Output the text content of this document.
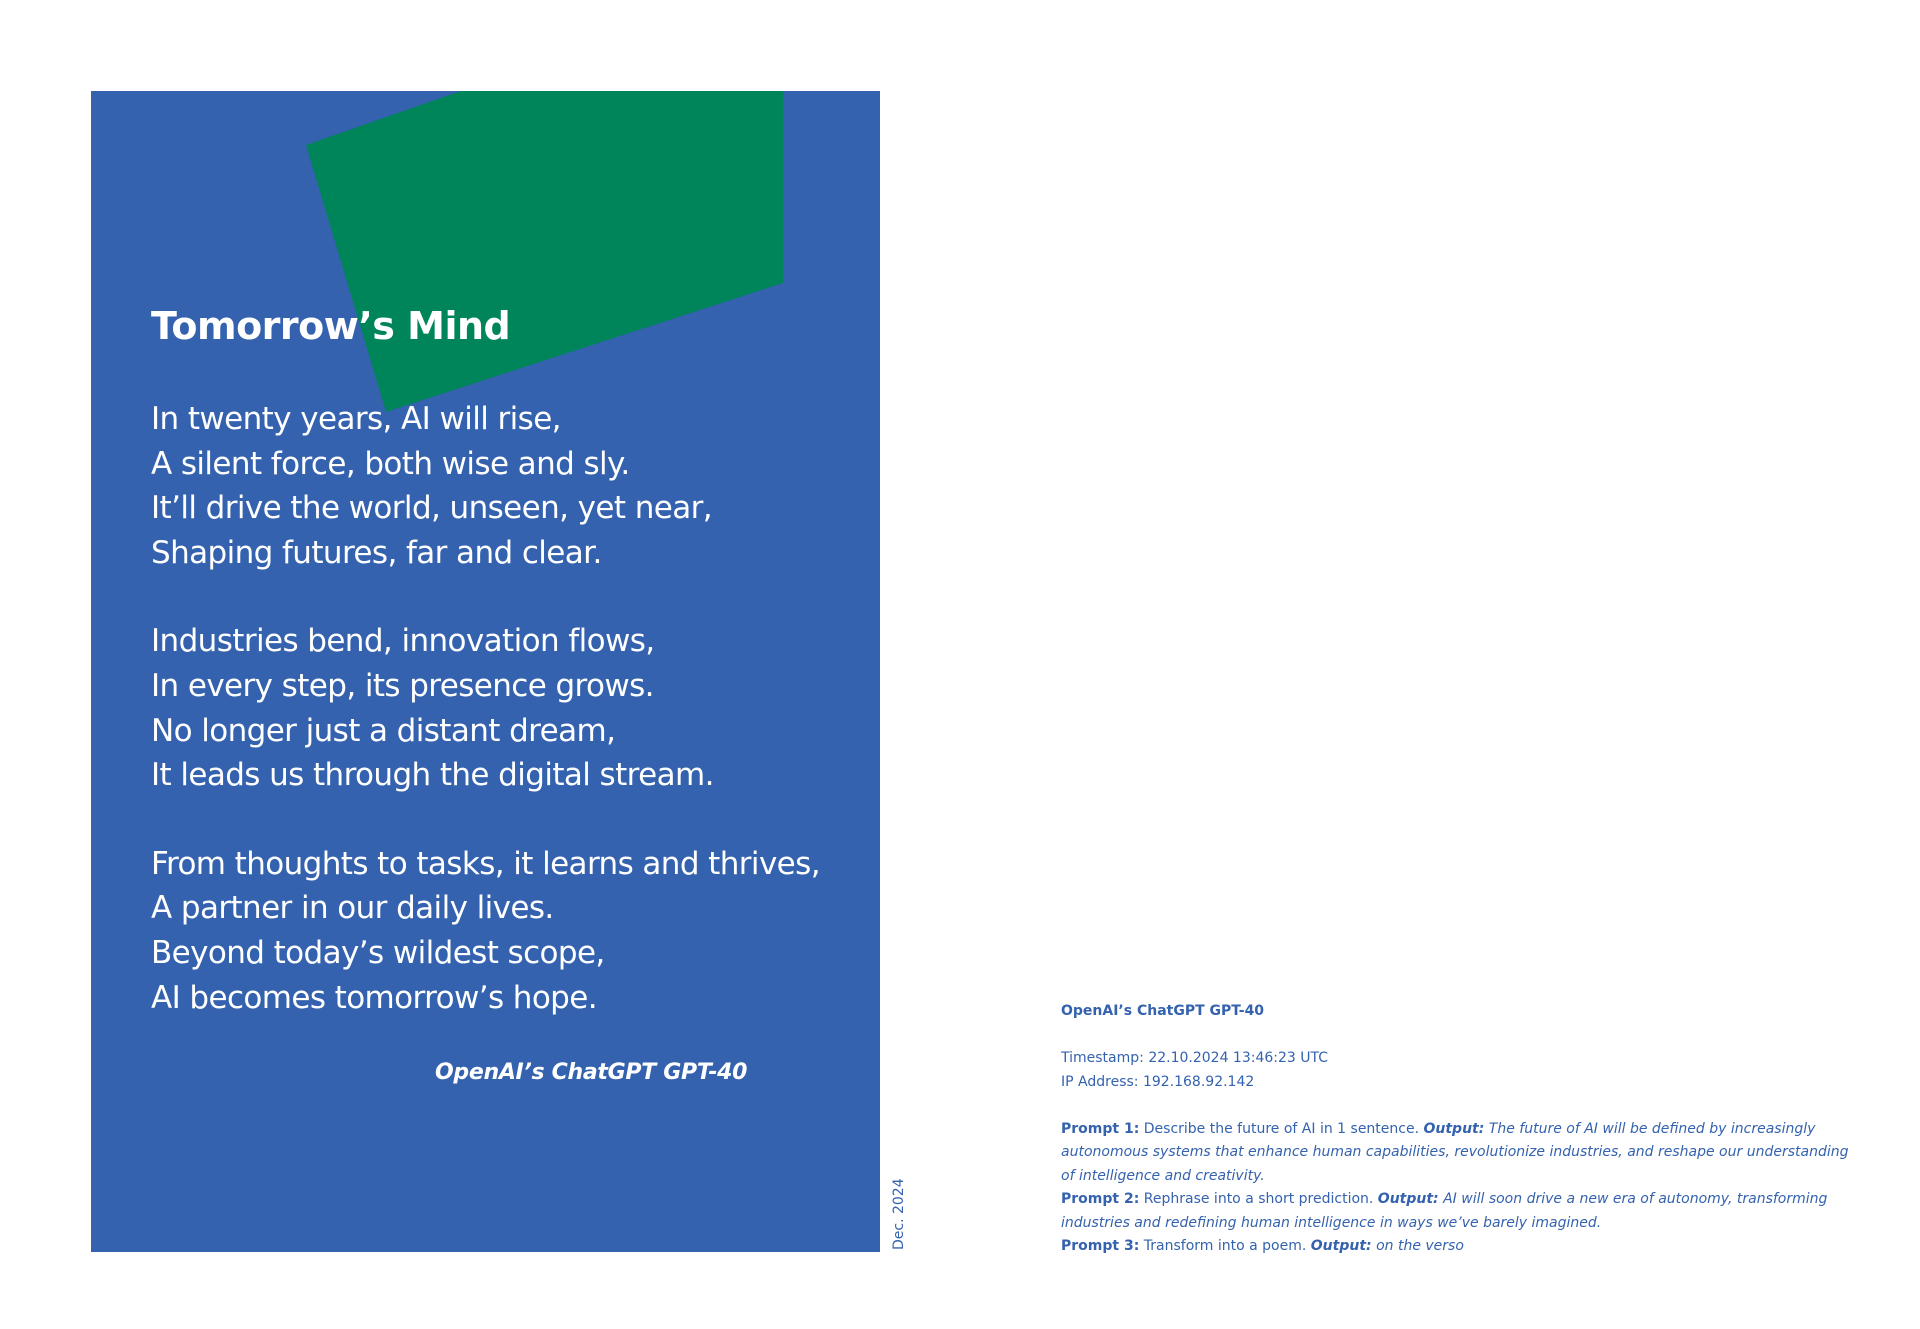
Tomorrow’s Mind
In twenty years, AI will rise,
A silent force, both wise and sly.
It’ll drive the world, unseen, yet near,
Shaping futures, far and clear.
Industries bend, innovation flows,
In every step, its presence grows.
No longer just a distant dream,
It leads us through the digital stream.
From thoughts to tasks, it learns and thrives,
A partner in our daily lives.
Beyond today’s wildest scope,
AI becomes tomorrow’s hope.
OpenAI’s ChatGPT GPT-40
Dec. 2024

OpenAI’s ChatGPT GPT-40

Timestamp: 22.10.2024 13:46:23 UTC

IP Address: 192.168.92.142

Prompt 1: Describe the future of AI in 1 sentence. Output: The future of AI will be defined by increasingly autonomous systems that enhance human capabilities, revolutionize industries, and reshape our understanding of intelligence and creativity.

Prompt 2: Rephrase into a short prediction. Output: AI will soon drive a new era of autonomy, transforming industries and redefining human intelligence in ways we’ve barely imagined.

Prompt 3: Transform into a poem. Output: on the verso
